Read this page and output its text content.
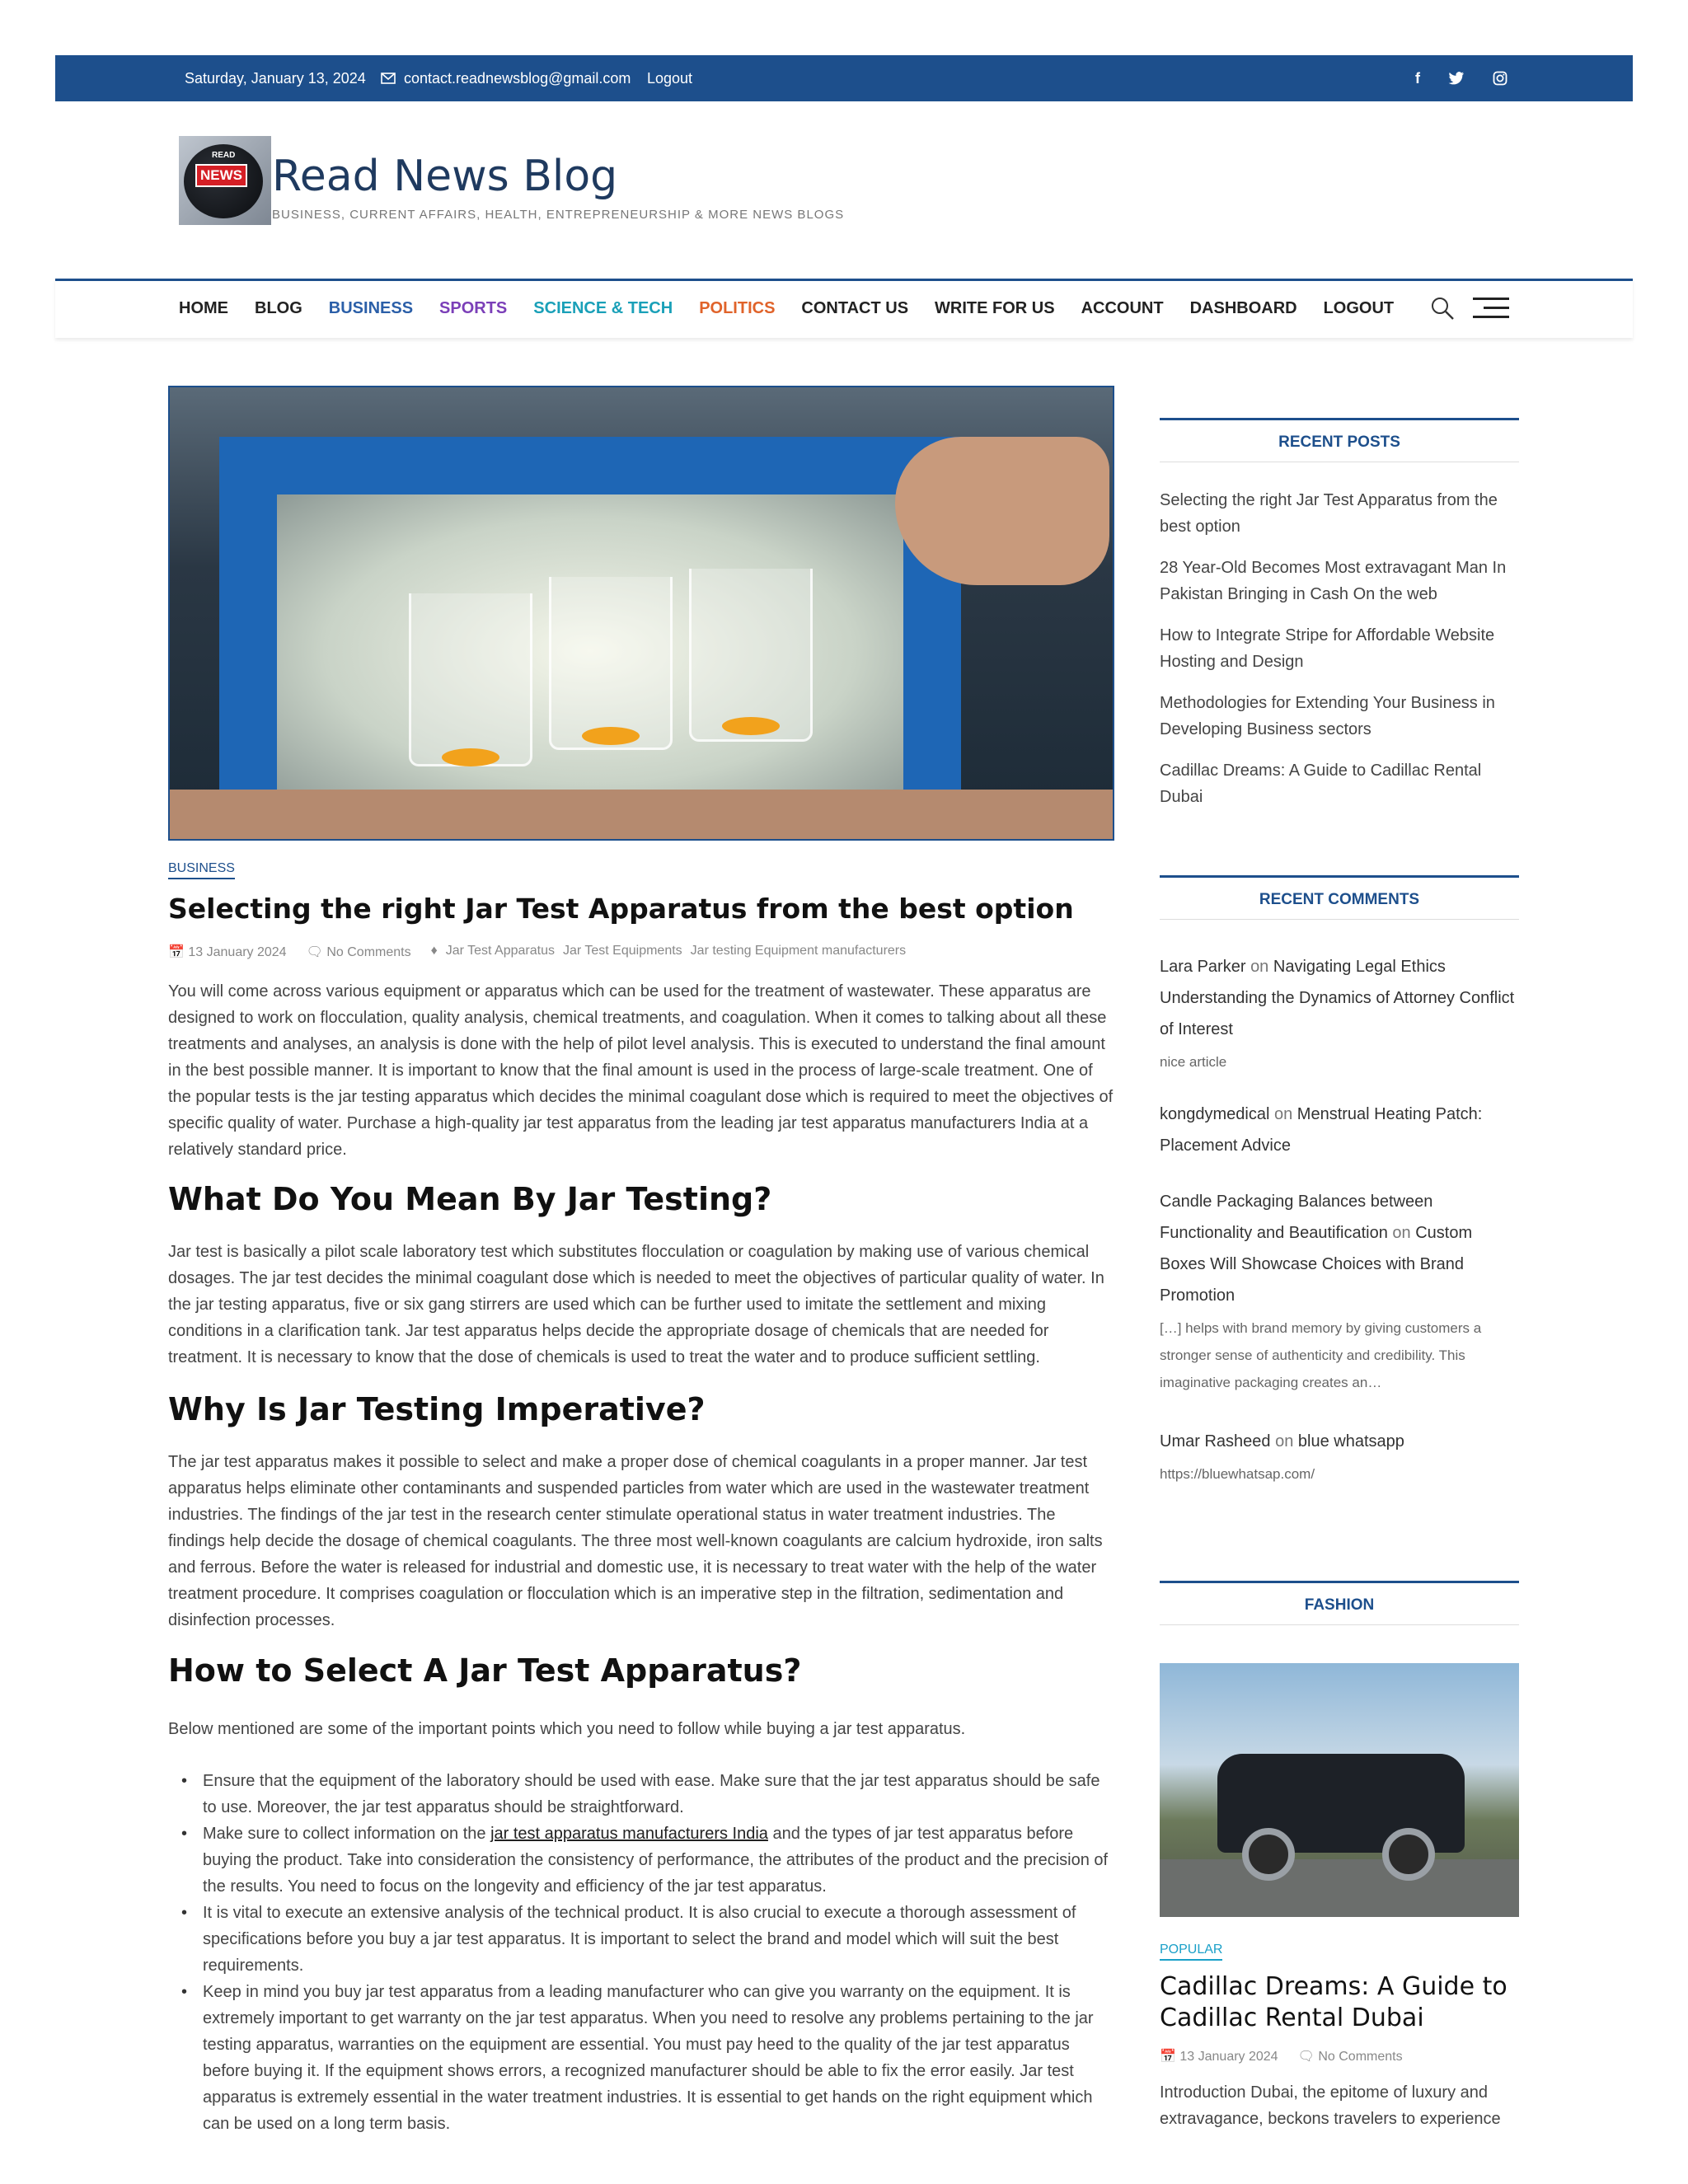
Saturday, January 13, 2024	contact.readnewsblog@gmail.com Logout	f
READ
NEWS Read News Blog
BUSINESS, CURRENT AFFAIRS, HEALTH, ENTREPRENEURSHIP & MORE NEWS BLOGS
HOME BLOG BUSINESS SPORTS SCIENCE & TECH POLITICS CONTACT US WRITE FOR US ACCOUNT DASHBOARD LOGOUT
BUSINESS
Selecting the right Jar Test Apparatus from the best option
📅 13 January 2024 🗨 No Comments ♦ Jar Test Apparatus Jar Test Equipments Jar testing Equipment manufacturers

You will come across various equipment or apparatus which can be used for the treatment of wastewater. These apparatus are designed to work on flocculation, quality analysis, chemical treatments, and coagulation. When it comes to talking about all these treatments and analyses, an analysis is done with the help of pilot level analysis. This is executed to understand the final amount in the best possible manner. It is important to know that the final amount is used in the process of large-scale treatment. One of the popular tests is the jar testing apparatus which decides the minimal coagulant dose which is required to meet the objectives of specific quality of water. Purchase a high-quality jar test apparatus from the leading jar test apparatus manufacturers India at a relatively standard price.

What Do You Mean By Jar Testing?

Jar test is basically a pilot scale laboratory test which substitutes flocculation or coagulation by making use of various chemical dosages. The jar test decides the minimal coagulant dose which is needed to meet the objectives of particular quality of water. In the jar testing apparatus, five or six gang stirrers are used which can be further used to imitate the settlement and mixing conditions in a clarification tank. Jar test apparatus helps decide the appropriate dosage of chemicals that are needed for treatment. It is necessary to know that the dose of chemicals is used to treat the water and to produce sufficient settling.

Why Is Jar Testing Imperative?

The jar test apparatus makes it possible to select and make a proper dose of chemical coagulants in a proper manner. Jar test apparatus helps eliminate other contaminants and suspended particles from water which are used in the wastewater treatment industries. The findings of the jar test in the research center stimulate operational status in water treatment industries. The findings help decide the dosage of chemical coagulants. The three most well-known coagulants are calcium hydroxide, iron salts and ferrous. Before the water is released for industrial and domestic use, it is necessary to treat water with the help of the water treatment procedure. It comprises coagulation or flocculation which is an imperative step in the filtration, sedimentation and disinfection processes.

How to Select A Jar Test Apparatus?

Below mentioned are some of the important points which you need to follow while buying a jar test apparatus.

• Ensure that the equipment of the laboratory should be used with ease. Make sure that the jar test apparatus should be safe to use. Moreover, the jar test apparatus should be straightforward.
• Make sure to collect information on the jar test apparatus manufacturers India and the types of jar test apparatus before buying the product. Take into consideration the consistency of performance, the attributes of the product and the precision of the results. You need to focus on the longevity and efficiency of the jar test apparatus.
• It is vital to execute an extensive analysis of the technical product. It is also crucial to execute a thorough assessment of specifications before you buy a jar test apparatus. It is important to select the brand and model which will suit the best requirements.
• Keep in mind you buy jar test apparatus from a leading manufacturer who can give you warranty on the equipment. It is extremely important to get warranty on the jar test apparatus. When you need to resolve any problems pertaining to the jar testing apparatus, warranties on the equipment are essential. You must pay heed to the quality of the jar test apparatus before buying it. If the equipment shows errors, a recognized manufacturer should be able to fix the error easily. Jar test apparatus is extremely essential in the water treatment industries. It is essential to get hands on the right equipment which can be used on a long term basis.
RECENT POSTS
Selecting the right Jar Test Apparatus from the best option
28 Year-Old Becomes Most extravagant Man In Pakistan Bringing in Cash On the web
How to Integrate Stripe for Affordable Website Hosting and Design
Methodologies for Extending Your Business in Developing Business sectors
Cadillac Dreams: A Guide to Cadillac Rental Dubai
RECENT COMMENTS
Lara Parker on Navigating Legal Ethics Understanding the Dynamics of Attorney Conflict of Interest
nice article
kongdymedical on Menstrual Heating Patch: Placement Advice
Candle Packaging Balances between Functionality and Beautification on Custom Boxes Will Showcase Choices with Brand Promotion
[…] helps with brand memory by giving customers a stronger sense of authenticity and credibility. This imaginative packaging creates an…
Umar Rasheed on blue whatsapp
https://bluewhatsap.com/
FASHION
POPULAR
Cadillac Dreams: A Guide to Cadillac Rental Dubai
📅 13 January 2024 🗨 No Comments
Introduction Dubai, the epitome of luxury and extravagance, beckons travelers to experience
